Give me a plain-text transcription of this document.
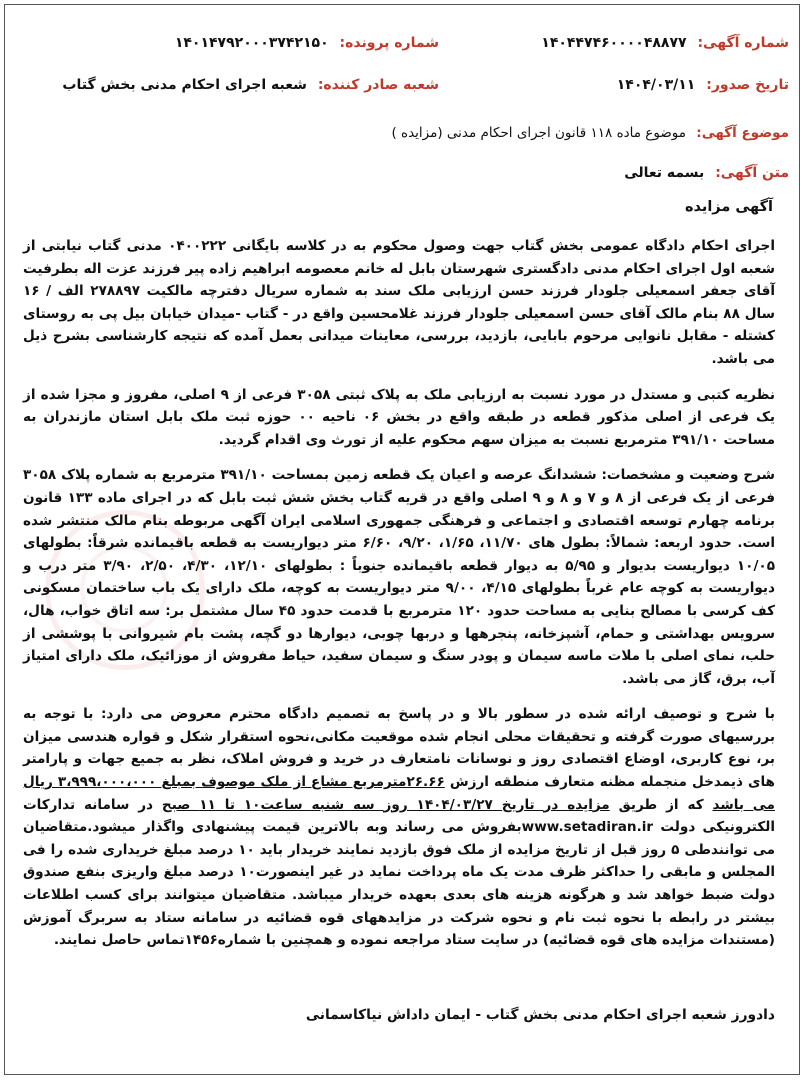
شماره آگهی: ۱۴۰۴۴۷۴۶۰۰۰۰۴۸۸۷۷
شماره پرونده: ۱۴۰۱۴۷۹۲۰۰۰۳۷۴۲۱۵۰
تاریخ صدور: ۱۴۰۴/۰۳/۱۱
شعبه صادر کننده: شعبه اجرای احکام مدنی بخش گتاب
موضوع آگهی: موضوع ماده ۱۱۸ قانون اجرای احکام مدنی (مزایده )
متن آگهی: بسمه تعالی
آگهی مزایده

اجرای احکام دادگاه عمومی بخش گتاب جهت وصول محکوم به در کلاسه بایگانی ۰۴۰۰۲۲۲ مدنی گتاب نیابتی از شعبه اول اجرای احکام مدنی دادگستری شهرستان بابل له خانم معصومه ابراهیم زاده پیر فرزند عزت اله بطرفیت آقای جعفر اسمعیلی جلودار فرزند حسن ارزیابی ملک سند به شماره سریال دفترچه مالکیت ۲۷۸۸۹۷ الف / ۱۶ سال ۸۸ بنام مالک آقای حسن اسمعیلی جلودار فرزند غلامحسین واقع در - گتاب -میدان خیابان بیل پی به روستای کشتله - مقابل نانوایی مرحوم بابایی، بازدید، بررسی، معاینات میدانی بعمل آمده که نتیجه کارشناسی بشرح ذیل می باشد.

نظریه کتبی و مستدل در مورد نسبت به ارزیابی ملک به پلاک ثبتی ۳۰۵۸ فرعی از ۹ اصلی، مفروز و مجزا شده از یک فرعی از اصلی مذکور قطعه در طبقه واقع در بخش ۰۶ ناحیه ۰۰ حوزه ثبت ملک بابل استان مازندران به مساحت ۳۹۱/۱۰ مترمربع نسبت به میزان سهم محکوم علیه از تورث وی اقدام گردید.

شرح وضعیت و مشخصات: ششدانگ عرصه و اعیان یک قطعه زمین بمساحت ۳۹۱/۱۰ مترمربع به شماره پلاک ۳۰۵۸ فرعی از یک فرعی از ۸ و ۷ و ۸ و ۹ اصلی واقع در قریه گتاب بخش شش ثبت بابل که در اجرای ماده ۱۳۳ قانون برنامه چهارم توسعه اقتصادی و اجتماعی و فرهنگی جمهوری اسلامی ایران آگهی مربوطه بنام مالک منتشر شده است. حدود اربعه: شمالاً: بطول های ۱۱/۷۰، ۱/۶۵، ۹/۲۰، ۶/۶۰ متر دیواریست به قطعه باقیمانده شرقاً: بطولهای ۱۰/۰۵ دیواریست بدیوار و ۵/۹۵ به دیوار قطعه باقیمانده جنوباً : بطولهای ۱۲/۱۰، ۴/۳۰، ۲/۵۰، ۳/۹۰ متر درب و دیواریست به کوچه عام غرباً بطولهای ۴/۱۵، ۹/۰۰ متر دیواریست به کوچه، ملک دارای یک باب ساختمان مسکونی کف کرسی با مصالح بنایی به مساحت حدود ۱۲۰ مترمربع با قدمت حدود ۴۵ سال مشتمل بر: سه اتاق خواب، هال، سرویس بهداشتی و حمام، آشپزخانه، پنجرهها و دربها چوبی، دیوارها دو گچه، پشت بام شیروانی با پوششی از حلب، نمای اصلی با ملات ماسه سیمان و پودر سنگ و سیمان سفید، حیاط مفروش از موزائیک، ملک دارای امتیاز آب، برق، گاز می باشد.

با شرح و توصیف ارائه شده در سطور بالا و در پاسخ به تصمیم دادگاه محترم معروض می دارد: با توجه به بررسیهای صورت گرفته و تحقیقات محلی انجام شده موقعیت مکانی،نحوه استقرار شکل و قواره هندسی میزان بر، نوع کاربری، اوضاع اقتصادی روز و نوسانات نامتعارف در خرید و فروش املاک، نظر به جمیع جهات و پارامتر های ذیمدخل منجمله مظنه متعارف منطقه ارزش ۲۶.۶۶مترمربع مشاع از ملک موصوف بمبلغ ۳،۹۹۹،۰۰۰،۰۰۰ ریال می باشد که از طریق مزایده در تاریخ ۱۴۰۴/۰۳/۲۷ روز سه شنبه ساعت۱۰ تا ۱۱ صبح در سامانه تدارکات الکترونیکی دولت www.setadiran.irبفروش می رساند وبه بالاترین قیمت پیشنهادی واگذار میشود.متقاضیان می توانندطی ۵ روز قبل از تاریخ مزایده از ملک فوق بازدید نمایند خریدار باید ۱۰ درصد مبلغ خریداری شده را فی المجلس و مابقی را حداکثر ظرف مدت یک ماه پرداخت نماید در غیر اینصورت۱۰ درصد مبلغ واریزی بنفع صندوق دولت ضبط خواهد شد و هرگونه هزینه های بعدی بعهده خریدار میباشد. متقاضیان میتوانند برای کسب اطلاعات بیشتر در رابطه با نحوه ثبت نام و نحوه شرکت در مزایدههای قوه قضائیه در سامانه ستاد به سربرگ آموزش (مستندات مزایده های قوه قضائیه) در سایت ستاد مراجعه نموده و همچنین با شماره۱۴۵۶تماس حاصل نمایند.

دادورز شعبه اجرای احکام مدنی بخش گتاب - ایمان داداش نیاکاسمانی
